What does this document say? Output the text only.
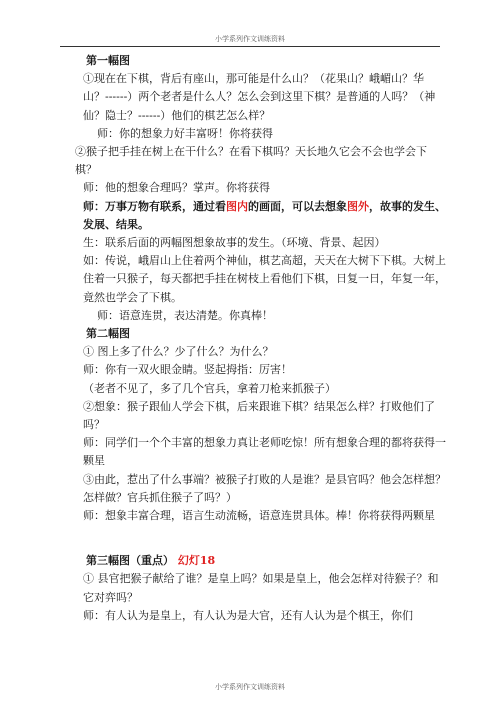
小学系列作文训练资料

第一幅图

①现在在下棋，背后有座山，那可能是什么山？（花果山？峨嵋山？华山？------）两个老者是什么人？怎么会到这里下棋？是普通的人吗？（神仙？隐士？------）他们的棋艺怎么样？

师：你的想象力好丰富呀！你将获得

②猴子把手挂在树上在干什么？在看下棋吗？天长地久它会不会也学会下棋？

师：他的想象合理吗？掌声。你将获得

师：万事万物有联系，通过看图内的画面，可以去想象图外，故事的发生、发展、结果。

生：联系后面的两幅图想象故事的发生。（环境、背景、起因）

如：传说，峨眉山上住着两个神仙，棋艺高超，天天在大树下下棋。大树上住着一只猴子，每天都把手挂在树枝上看他们下棋，日复一日，年复一年，竟然也学会了下棋。

师：语意连贯，表达清楚。你真棒！

第二幅图

① 图上多了什么？少了什么？为什么？

师：你有一双火眼金睛。竖起拇指：厉害！

（老者不见了，多了几个官兵，拿着刀枪来抓猴子）

②想象：猴子跟仙人学会下棋，后来跟谁下棋？结果怎么样？打败他们了吗？

师：同学们一个个丰富的想象力真让老师吃惊！所有想象合理的都将获得一颗星

③由此，惹出了什么事端？被猴子打败的人是谁？是县官吗？他会怎样想？怎样做？官兵抓住猴子了吗？）

师：想象丰富合理，语言生动流畅，语意连贯具体。棒！你将获得两颗星

第三幅图（重点） 幻灯18

① 县官把猴子献给了谁？是皇上吗？如果是皇上，他会怎样对待猴子？和它对弈吗？

师：有人认为是皇上，有人认为是大官，还有人认为是个棋王，你们

小学系列作文训练资料
